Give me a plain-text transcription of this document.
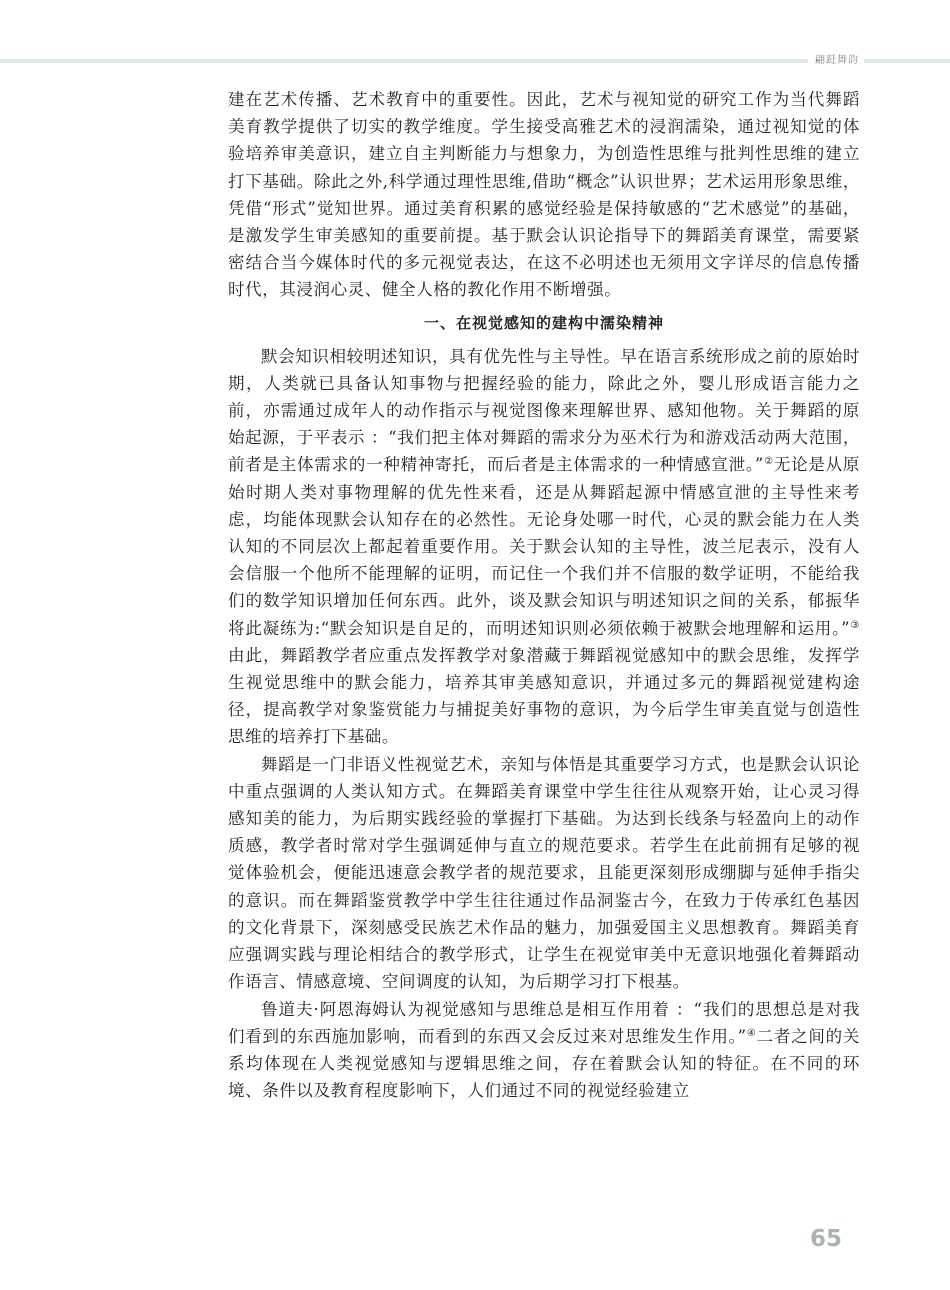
翩跹舞韵

建在艺术传播、艺术教育中的重要性。因此，艺术与视知觉的研究工作为当代舞蹈美育教学提供了切实的教学维度。学生接受高雅艺术的浸润濡染，通过视知觉的体验培养审美意识，建立自主判断能力与想象力，为创造性思维与批判性思维的建立打下基础。除此之外,科学通过理性思维,借助“概念”认识世界；艺术运用形象思维，凭借“形式”觉知世界。通过美育积累的感觉经验是保持敏感的“艺术感觉”的基础，是激发学生审美感知的重要前提。基于默会认识论指导下的舞蹈美育课堂，需要紧密结合当今媒体时代的多元视觉表达，在这不必明述也无须用文字详尽的信息传播时代，其浸润心灵、健全人格的教化作用不断增强。

一、在视觉感知的建构中濡染精神

默会知识相较明述知识，具有优先性与主导性。早在语言系统形成之前的原始时期，人类就已具备认知事物与把握经验的能力，除此之外，婴儿形成语言能力之前，亦需通过成年人的动作指示与视觉图像来理解世界、感知他物。关于舞蹈的原始起源，于平表示 ：“我们把主体对舞蹈的需求分为巫术行为和游戏活动两大范围，前者是主体需求的一种精神寄托，而后者是主体需求的一种情感宣泄。”②无论是从原始时期人类对事物理解的优先性来看，还是从舞蹈起源中情感宣泄的主导性来考虑，均能体现默会认知存在的必然性。无论身处哪一时代，心灵的默会能力在人类认知的不同层次上都起着重要作用。关于默会认知的主导性，波兰尼表示，没有人会信服一个他所不能理解的证明，而记住一个我们并不信服的数学证明，不能给我们的数学知识增加任何东西。此外，谈及默会知识与明述知识之间的关系，郁振华将此凝练为:“默会知识是自足的，而明述知识则必须依赖于被默会地理解和运用。”③由此，舞蹈教学者应重点发挥教学对象潜藏于舞蹈视觉感知中的默会思维，发挥学生视觉思维中的默会能力，培养其审美感知意识，并通过多元的舞蹈视觉建构途径，提高教学对象鉴赏能力与捕捉美好事物的意识，为今后学生审美直觉与创造性思维的培养打下基础。

舞蹈是一门非语义性视觉艺术，亲知与体悟是其重要学习方式，也是默会认识论中重点强调的人类认知方式。在舞蹈美育课堂中学生往往从观察开始，让心灵习得感知美的能力，为后期实践经验的掌握打下基础。为达到长线条与轻盈向上的动作质感，教学者时常对学生强调延伸与直立的规范要求。若学生在此前拥有足够的视觉体验机会，便能迅速意会教学者的规范要求，且能更深刻形成绷脚与延伸手指尖的意识。而在舞蹈鉴赏教学中学生往往通过作品洞鉴古今，在致力于传承红色基因的文化背景下，深刻感受民族艺术作品的魅力，加强爱国主义思想教育。舞蹈美育应强调实践与理论相结合的教学形式，让学生在视觉审美中无意识地强化着舞蹈动作语言、情感意境、空间调度的认知，为后期学习打下根基。

鲁道夫·阿恩海姆认为视觉感知与思维总是相互作用着 ：“我们的思想总是对我们看到的东西施加影响，而看到的东西又会反过来对思维发生作用。”④二者之间的关系均体现在人类视觉感知与逻辑思维之间，存在着默会认知的特征。在不同的环境、条件以及教育程度影响下，人们通过不同的视觉经验建立

65
